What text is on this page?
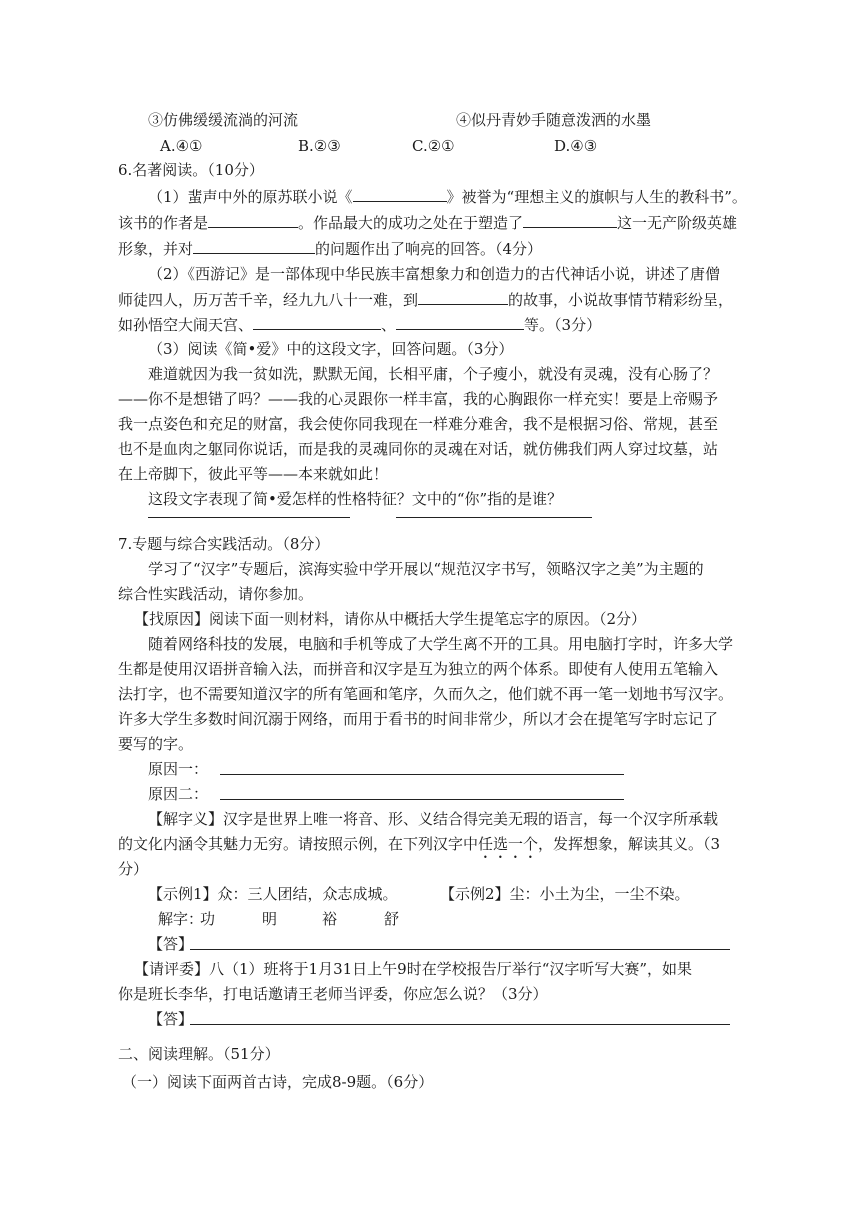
③仿佛缓缓流淌的河流	④似丹青妙手随意泼洒的水墨
A.④①	B.②③	C.②①	D.④③
6.名著阅读。（10分）
（1）蜚声中外的原苏联小说《	》被誉为“理想主义的旗帜与人生的教科书”。
该书的作者是	。作品最大的成功之处在于塑造了	这一无产阶级英雄
形象，并对	的问题作出了响亮的回答。（4分）
（2）《西游记》是一部体现中华民族丰富想象力和创造力的古代神话小说，讲述了唐僧
师徒四人，历万苦千辛，经九九八十一难，到	的故事，小说故事情节精彩纷呈，
如孙悟空大闹天宫、	、	等。（3分）
（3）阅读《简•爱》中的这段文字，回答问题。（3分）
难道就因为我一贫如洗，默默无闻，长相平庸，个子瘦小，就没有灵魂，没有心肠了？
——你不是想错了吗？——我的心灵跟你一样丰富，我的心胸跟你一样充实！要是上帝赐予
我一点姿色和充足的财富，我会使你同我现在一样难分难舍，我不是根据习俗、常规，甚至
也不是血肉之躯同你说话，而是我的灵魂同你的灵魂在对话，就仿佛我们两人穿过坟墓，站
在上帝脚下，彼此平等——本来就如此！
这段文字表现了简•爱怎样的性格特征？文中的“你”指的是谁？
7.专题与综合实践活动。（8分）
学习了“汉字”专题后，滨海实验中学开展以“规范汉字书写，领略汉字之美”为主题的
综合性实践活动，请你参加。
【找原因】阅读下面一则材料，请你从中概括大学生提笔忘字的原因。（2分）
随着网络科技的发展，电脑和手机等成了大学生离不开的工具。用电脑打字时，许多大学
生都是使用汉语拼音输入法，而拼音和汉字是互为独立的两个体系。即使有人使用五笔输入
法打字，也不需要知道汉字的所有笔画和笔序，久而久之，他们就不再一笔一划地书写汉字。
许多大学生多数时间沉溺于网络，而用于看书的时间非常少，所以才会在提笔写字时忘记了
要写的字。
原因一：
原因二：
【解字义】汉字是世界上唯一将音、形、义结合得完美无瑕的语言，每一个汉字所承载
的文化内涵令其魅力无穷。请按照示例，在下列汉字中任选一个，发挥想象，解读其义。（3
分）
【示例1】众：三人团结，众志成城。	【示例2】尘：小土为尘，一尘不染。
解字：
功	明	裕	舒
【答】
【请评委】八（1）班将于1月31日上午9时在学校报告厅举行“汉字听写大赛”，如果
你是班长李华，打电话邀请王老师当评委，你应怎么说？（3分）
【答】
二、阅读理解。（51分）
（一）阅读下面两首古诗，完成8-9题。（6分）
